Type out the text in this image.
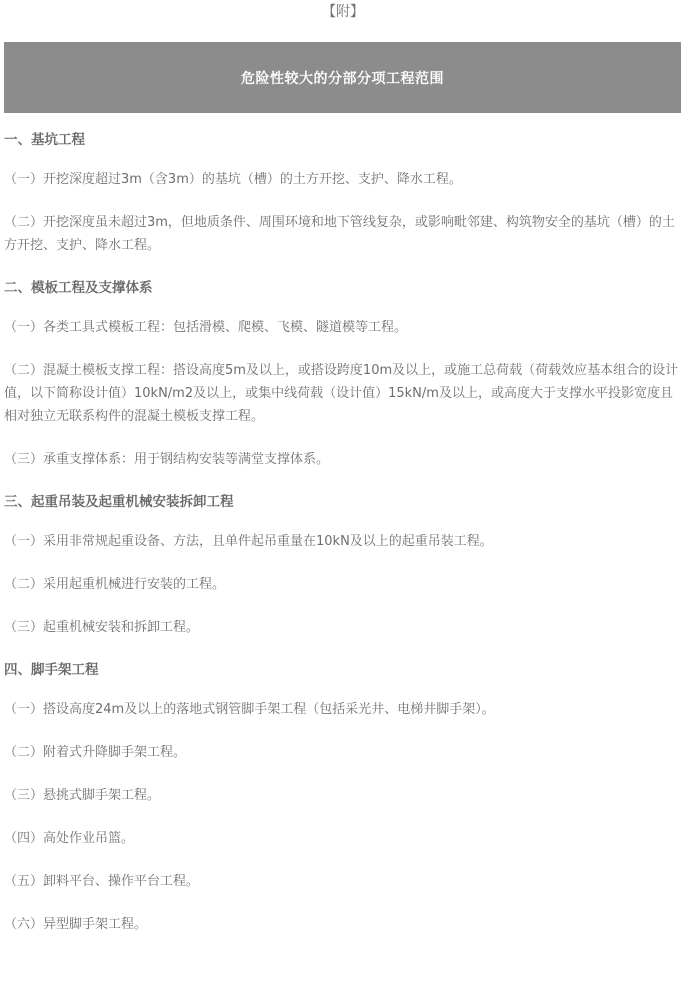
【附】
危险性较大的分部分项工程范围
一、基坑工程

（一）开挖深度超过3m（含3m）的基坑（槽）的土方开挖、支护、降水工程。

（二）开挖深度虽未超过3m，但地质条件、周围环境和地下管线复杂，或影响毗邻建、构筑物安全的基坑（槽）的土方开挖、支护、降水工程。

二、模板工程及支撑体系

（一）各类工具式模板工程：包括滑模、爬模、飞模、隧道模等工程。

（二）混凝土模板支撑工程：搭设高度5m及以上，或搭设跨度10m及以上，或施工总荷载（荷载效应基本组合的设计值，以下简称设计值）10kN/m2及以上，或集中线荷载（设计值）15kN/m及以上，或高度大于支撑水平投影宽度且相对独立无联系构件的混凝土模板支撑工程。

（三）承重支撑体系：用于钢结构安装等满堂支撑体系。

三、起重吊装及起重机械安装拆卸工程

（一）采用非常规起重设备、方法，且单件起吊重量在10kN及以上的起重吊装工程。

（二）采用起重机械进行安装的工程。

（三）起重机械安装和拆卸工程。

四、脚手架工程

（一）搭设高度24m及以上的落地式钢管脚手架工程（包括采光井、电梯井脚手架）。

（二）附着式升降脚手架工程。

（三）悬挑式脚手架工程。

（四）高处作业吊篮。

（五）卸料平台、操作平台工程。

（六）异型脚手架工程。
